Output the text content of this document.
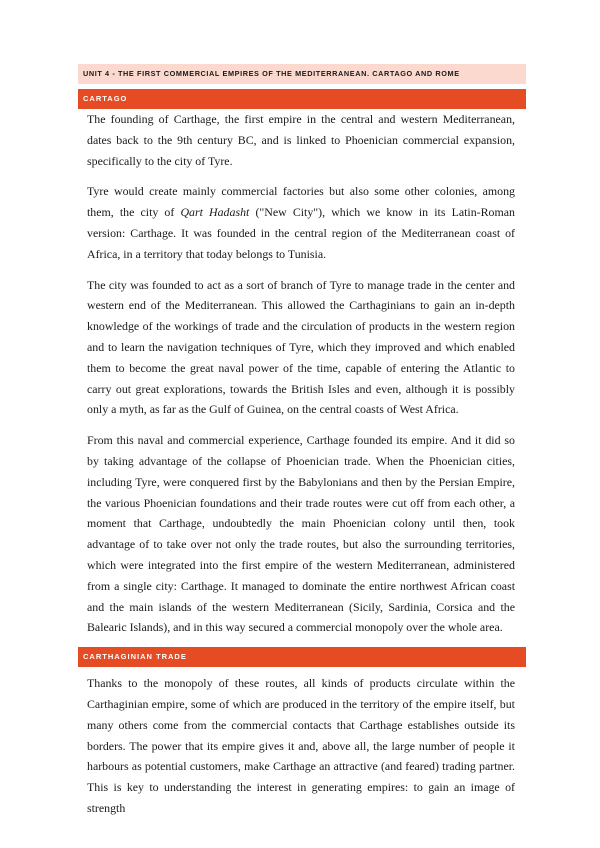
UNIT 4 - THE FIRST COMMERCIAL EMPIRES OF THE MEDITERRANEAN. CARTAGO AND ROME
CARTAGO

The founding of Carthage, the first empire in the central and western Mediterranean, dates back to the 9th century BC, and is linked to Phoenician commercial expansion, specifically to the city of Tyre.

Tyre would create mainly commercial factories but also some other colonies, among them, the city of Qart Hadasht ("New City"), which we know in its Latin-Roman version: Carthage. It was founded in the central region of the Mediterranean coast of Africa, in a territory that today belongs to Tunisia.

The city was founded to act as a sort of branch of Tyre to manage trade in the center and western end of the Mediterranean. This allowed the Carthaginians to gain an in-depth knowledge of the workings of trade and the circulation of products in the western region and to learn the navigation techniques of Tyre, which they improved and which enabled them to become the great naval power of the time, capable of entering the Atlantic to carry out great explorations, towards the British Isles and even, although it is possibly only a myth, as far as the Gulf of Guinea, on the central coasts of West Africa.

From this naval and commercial experience, Carthage founded its empire. And it did so by taking advantage of the collapse of Phoenician trade. When the Phoenician cities, including Tyre, were conquered first by the Babylonians and then by the Persian Empire, the various Phoenician foundations and their trade routes were cut off from each other, a moment that Carthage, undoubtedly the main Phoenician colony until then, took advantage of to take over not only the trade routes, but also the surrounding territories, which were integrated into the first empire of the western Mediterranean, administered from a single city: Carthage. It managed to dominate the entire northwest African coast and the main islands of the western Mediterranean (Sicily, Sardinia, Corsica and the Balearic Islands), and in this way secured a commercial monopoly over the whole area.

CARTHAGINIAN TRADE

Thanks to the monopoly of these routes, all kinds of products circulate within the Carthaginian empire, some of which are produced in the territory of the empire itself, but many others come from the commercial contacts that Carthage establishes outside its borders. The power that its empire gives it and, above all, the large number of people it harbours as potential customers, make Carthage an attractive (and feared) trading partner. This is key to understanding the interest in generating empires: to gain an image of strength
